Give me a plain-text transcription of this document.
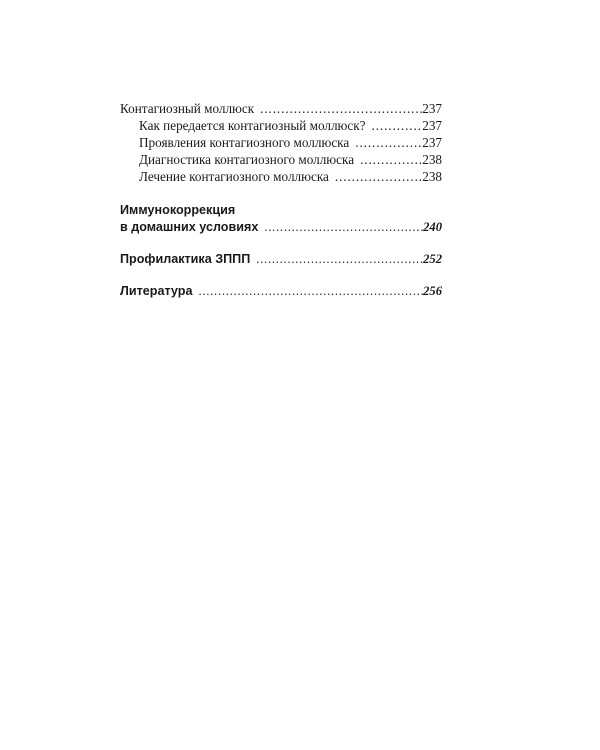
Контагиозный моллюск . . .	237
Как передается контагиозный моллюск? . . .	237
Проявления контагиозного моллюска . . .	237
Диагностика контагиозного моллюска . . .	238
Лечение контагиозного моллюска . . .	238
Иммунокоррекция
в домашних условиях . . .	240
Профилактика ЗППП . . .	252
Литература . . .	256
